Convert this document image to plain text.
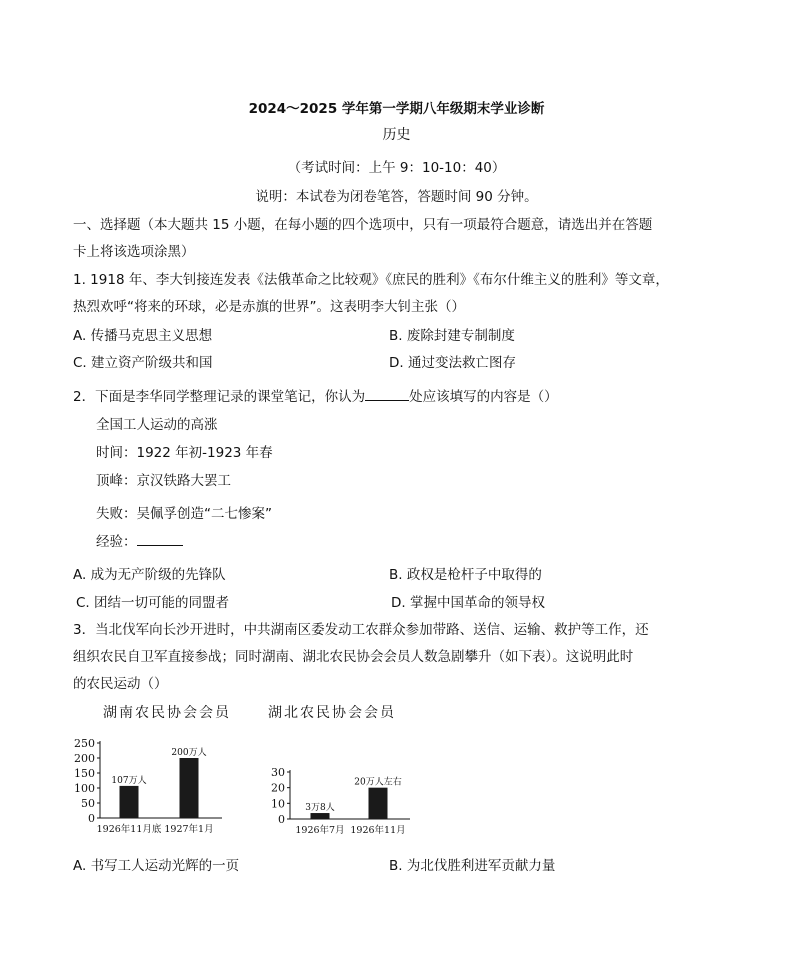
2024～2025 学年第一学期八年级期末学业诊断
历史
（考试时间：上午 9：10-10：40）
说明：本试卷为闭卷笔答，答题时间 90 分钟。
一、选择题（本大题共 15 小题，在每小题的四个选项中，只有一项最符合题意，请选出并在答题
卡上将该选项涂黑）
1. 1918 年、李大钊接连发表《法俄革命之比较观》《庶民的胜利》《布尔什维主义的胜利》等文章，
热烈欢呼“将来的环球，必是赤旗的世界”。这表明李大钊主张（）
A. 传播马克思主义思想	B. 废除封建专制制度
C. 建立资产阶级共和国	D. 通过变法救亡图存
2．下面是李华同学整理记录的课堂笔记，你认为	处应该填写的内容是（）
全国工人运动的高涨
时间：1922 年初-1923 年春
顶峰：京汉铁路大罢工
失败：吴佩孚创造“二七惨案”
经验：
A. 成为无产阶级的先锋队	B. 政权是枪杆子中取得的
C. 团结一切可能的同盟者	D. 掌握中国革命的领导权
3．当北伐军向长沙开进时，中共湖南区委发动工农群众参加带路、送信、运输、救护等工作，还
组织农民自卫军直接参战；同时湖南、湖北农民协会会员人数急剧攀升（如下表）。这说明此时
的农民运动（）
湖南农民协会会员	湖北农民协会会员
0
50
100
150
200
250
107万人
1926年11月底
200万人
1927年1月
0
10
20
30
3万8人
1926年7月
20万人左右
1926年11月
A. 书写工人运动光辉的一页	B. 为北伐胜利进军贡献力量
